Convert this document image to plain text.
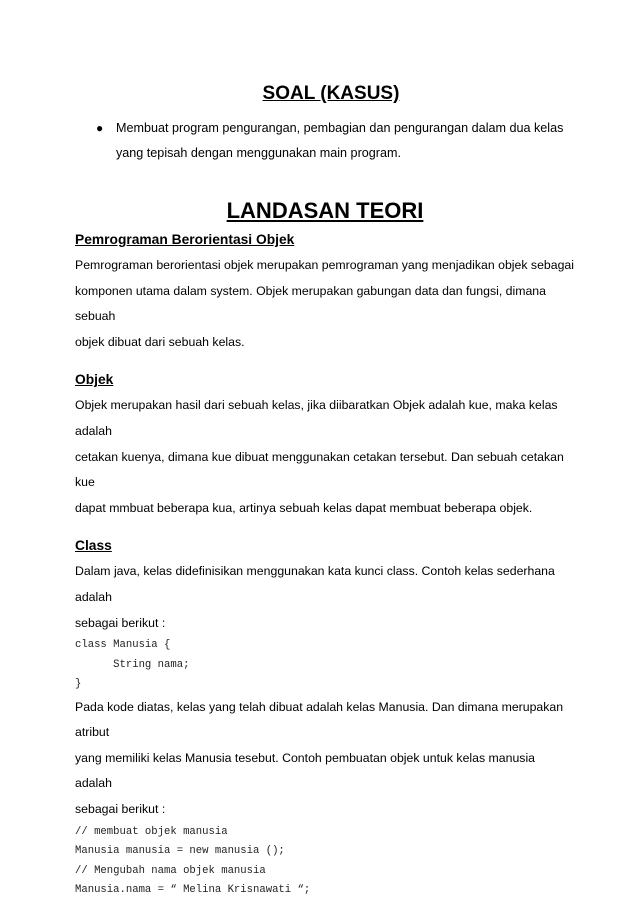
SOAL (KASUS)
●	Membuat program pengurangan, pembagian dan pengurangan dalam dua kelas yang tepisah dengan menggunakan main program.
LANDASAN TEORI
Pemrograman Berorientasi Objek

Pemrograman berorientasi objek merupakan pemrograman yang menjadikan objek sebagai

komponen utama dalam system. Objek merupakan gabungan data dan fungsi, dimana sebuah

objek dibuat dari sebuah kelas.

Objek

Objek merupakan hasil dari sebuah kelas, jika diibaratkan Objek adalah kue, maka kelas adalah

cetakan kuenya, dimana kue dibuat menggunakan cetakan tersebut. Dan sebuah cetakan kue

dapat mmbuat beberapa kua, artinya sebuah kelas dapat membuat beberapa objek.

Class

Dalam java, kelas didefinisikan menggunakan kata kunci class. Contoh kelas sederhana adalah

sebagai berikut :

class Manusia {

String nama;

}

Pada kode diatas, kelas yang telah dibuat adalah kelas Manusia. Dan dimana merupakan atribut

yang memiliki kelas Manusia tesebut. Contoh pembuatan objek untuk kelas manusia adalah

sebagai berikut :

// membuat objek manusia

Manusia manusia = new manusia ();

// Mengubah nama objek manusia

Manusia.nama = “ Melina Krisnawati “;
